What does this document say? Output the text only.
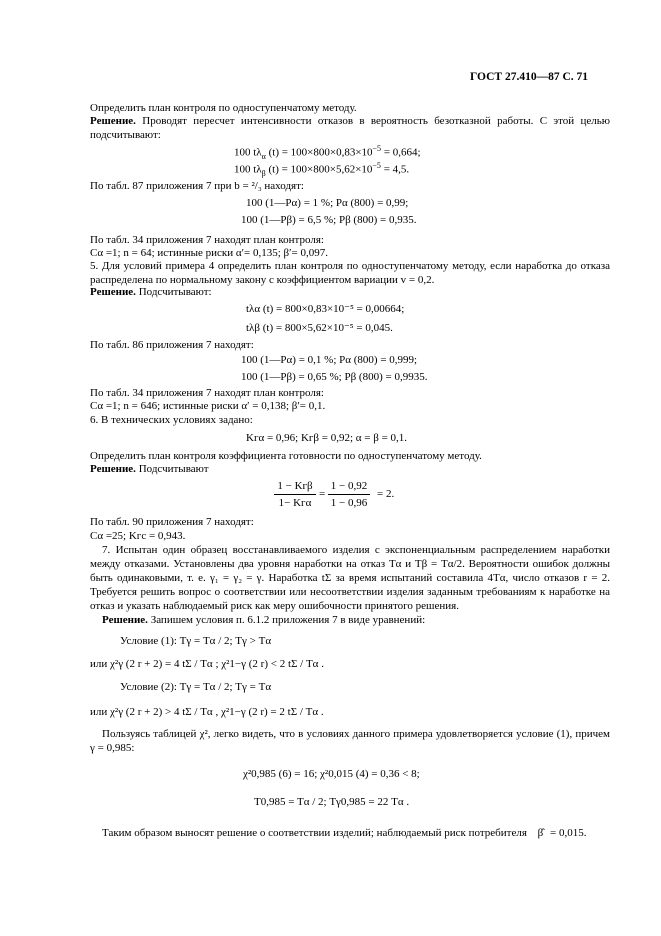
ГОСТ 27.410—87 С. 71
Определить план контроля по одноступенчатому методу.
Решение. Проводят пересчет интенсивности отказов в вероятность безотказной работы. С этой целью подсчитывают:
100 $t\lambda_\alpha$ $(t) = 100\times 800\times 0,83\times 10^{-5} = 0,664$;
100 $t\lambda_\beta$ $(t) = 100\times 800\times 5,62\times 10^{-5} = 4,5$.
По табл. 87 приложения 7 при b = ²/₃ находят:
100 (1—Pα) = 1 %; Pα (800) = 0,99;
100 (1—Pβ) = 6,5 %; Pβ (800) = 0,935.
По табл. 34 приложения 7 находят план контроля:
Cα =1; n = 64; истинные риски α′= 0,135; β′= 0,097.
5. Для условий примера 4 определить план контроля по одноступенчатому методу, если наработка до отказа распределена по нормальному закону с коэффициентом вариации v = 0,2.
Решение. Подсчитывают:
tλα (t) = 800×0,83×10⁻⁵ = 0,00664;
tλβ (t) = 800×5,62×10⁻⁵ = 0,045.
По табл. 86 приложения 7 находят:
100 (1—Pα) = 0,1 %; Pα (800) = 0,999;
100 (1—Pβ) = 0,65 %; Pβ (800) = 0,9935.
По табл. 34 приложения 7 находят план контроля:
Cα =1; n = 646; истинные риски α′ = 0,138; β′= 0,1.
6. В технических условиях задано:
Kгα = 0,96; Kгβ = 0,92; α = β = 0,1.
Определить план контроля коэффициента готовности по одноступенчатому методу.
Решение. Подсчитывают
1 − Kгβ
1− Kгα
=
1 − 0,92
1 − 0,96
= 2.
По табл. 90 приложения 7 находят:
Cα =25; Kгс = 0,943.
7. Испытан один образец восстанавливаемого изделия с экспоненциальным распределением наработки между отказами. Установлены два уровня наработки на отказ Tα и Tβ = Tα/2. Вероятности ошибок должны быть одинаковыми, т. е. γ₁ = γ₂ = γ. Наработка tΣ за время испытаний составила 4Tα, число отказов r = 2. Требуется решить вопрос о соответствии или несоответствии изделия заданным требованиям к наработке на отказ и указать наблюдаемый риск как меру ошибочности принятого решения.
Решение. Запишем условия п. 6.1.2 приложения 7 в виде уравнений:
Условие (1): Tγ = Tα / 2; Tγ > Tα
или χ²γ (2 r + 2) = 4 tΣ / Tα ; χ²1−γ (2 r) < 2 tΣ / Tα .
Условие (2): Tγ = Tα / 2; Tγ = Tα
или χ²γ (2 r + 2) > 4 tΣ / Tα , χ²1−γ (2 r) = 2 tΣ / Tα .
Пользуясь таблицей χ², легко видеть, что в условиях данного примера удовлетворяется условие (1), причем γ = 0,985:
χ²0,985 (6) = 16; χ²0,015 (4) = 0,36 < 8;
T0,985 = Tα / 2; Tγ0,985 = 22 Tα .
Таким образом выносят решение о соответствии изделий; наблюдаемый риск потребителя β̂ = 0,015.
